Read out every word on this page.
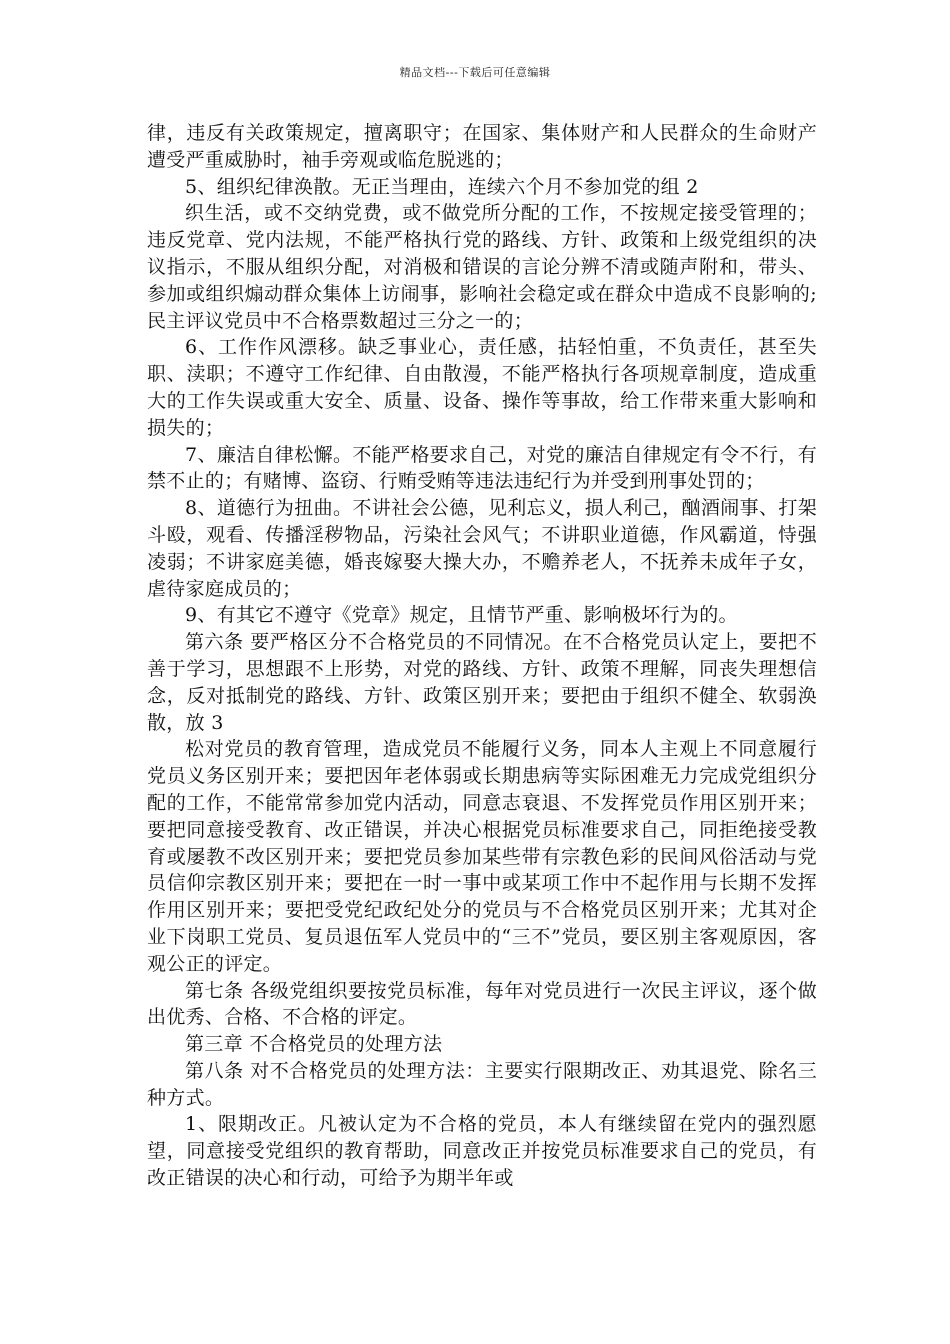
精品文档---下载后可任意编辑

律，违反有关政策规定，擅离职守；在国家、集体财产和人民群众的生命财产遭受严重威胁时，袖手旁观或临危脱逃的；

5、组织纪律涣散。无正当理由，连续六个月不参加党的组 2

织生活，或不交纳党费，或不做党所分配的工作，不按规定接受管理的；违反党章、党内法规，不能严格执行党的路线、方针、政策和上级党组织的决议指示，不服从组织分配，对消极和错误的言论分辨不清或随声附和，带头、参加或组织煽动群众集体上访闹事，影响社会稳定或在群众中造成不良影响的;民主评议党员中不合格票数超过三分之一的；

6、工作作风漂移。缺乏事业心，责任感，拈轻怕重，不负责任，甚至失职、渎职；不遵守工作纪律、自由散漫，不能严格执行各项规章制度，造成重大的工作失误或重大安全、质量、设备、操作等事故，给工作带来重大影响和损失的；

7、廉洁自律松懈。不能严格要求自己，对党的廉洁自律规定有令不行，有禁不止的；有赌博、盗窃、行贿受贿等违法违纪行为并受到刑事处罚的；

8、道德行为扭曲。不讲社会公德，见利忘义，损人利己，酗酒闹事、打架斗殴，观看、传播淫秽物品，污染社会风气；不讲职业道德，作风霸道，恃强凌弱；不讲家庭美德，婚丧嫁娶大操大办，不赡养老人，不抚养未成年子女，虐待家庭成员的；

9、有其它不遵守《党章》规定，且情节严重、影响极坏行为的。

第六条 要严格区分不合格党员的不同情况。在不合格党员认定上，要把不善于学习，思想跟不上形势，对党的路线、方针、政策不理解，同丧失理想信念，反对抵制党的路线、方针、政策区别开来；要把由于组织不健全、软弱涣散，放 3

松对党员的教育管理，造成党员不能履行义务，同本人主观上不同意履行党员义务区别开来；要把因年老体弱或长期患病等实际困难无力完成党组织分配的工作，不能常常参加党内活动，同意志衰退、不发挥党员作用区别开来；要把同意接受教育、改正错误，并决心根据党员标准要求自己，同拒绝接受教育或屡教不改区别开来；要把党员参加某些带有宗教色彩的民间风俗活动与党员信仰宗教区别开来；要把在一时一事中或某项工作中不起作用与长期不发挥作用区别开来；要把受党纪政纪处分的党员与不合格党员区别开来；尤其对企业下岗职工党员、复员退伍军人党员中的“三不”党员，要区别主客观原因，客观公正的评定。

第七条 各级党组织要按党员标准，每年对党员进行一次民主评议，逐个做出优秀、合格、不合格的评定。

第三章 不合格党员的处理方法

第八条 对不合格党员的处理方法：主要实行限期改正、劝其退党、除名三种方式。

1、限期改正。凡被认定为不合格的党员，本人有继续留在党内的强烈愿望，同意接受党组织的教育帮助，同意改正并按党员标准要求自己的党员，有改正错误的决心和行动，可给予为期半年或
